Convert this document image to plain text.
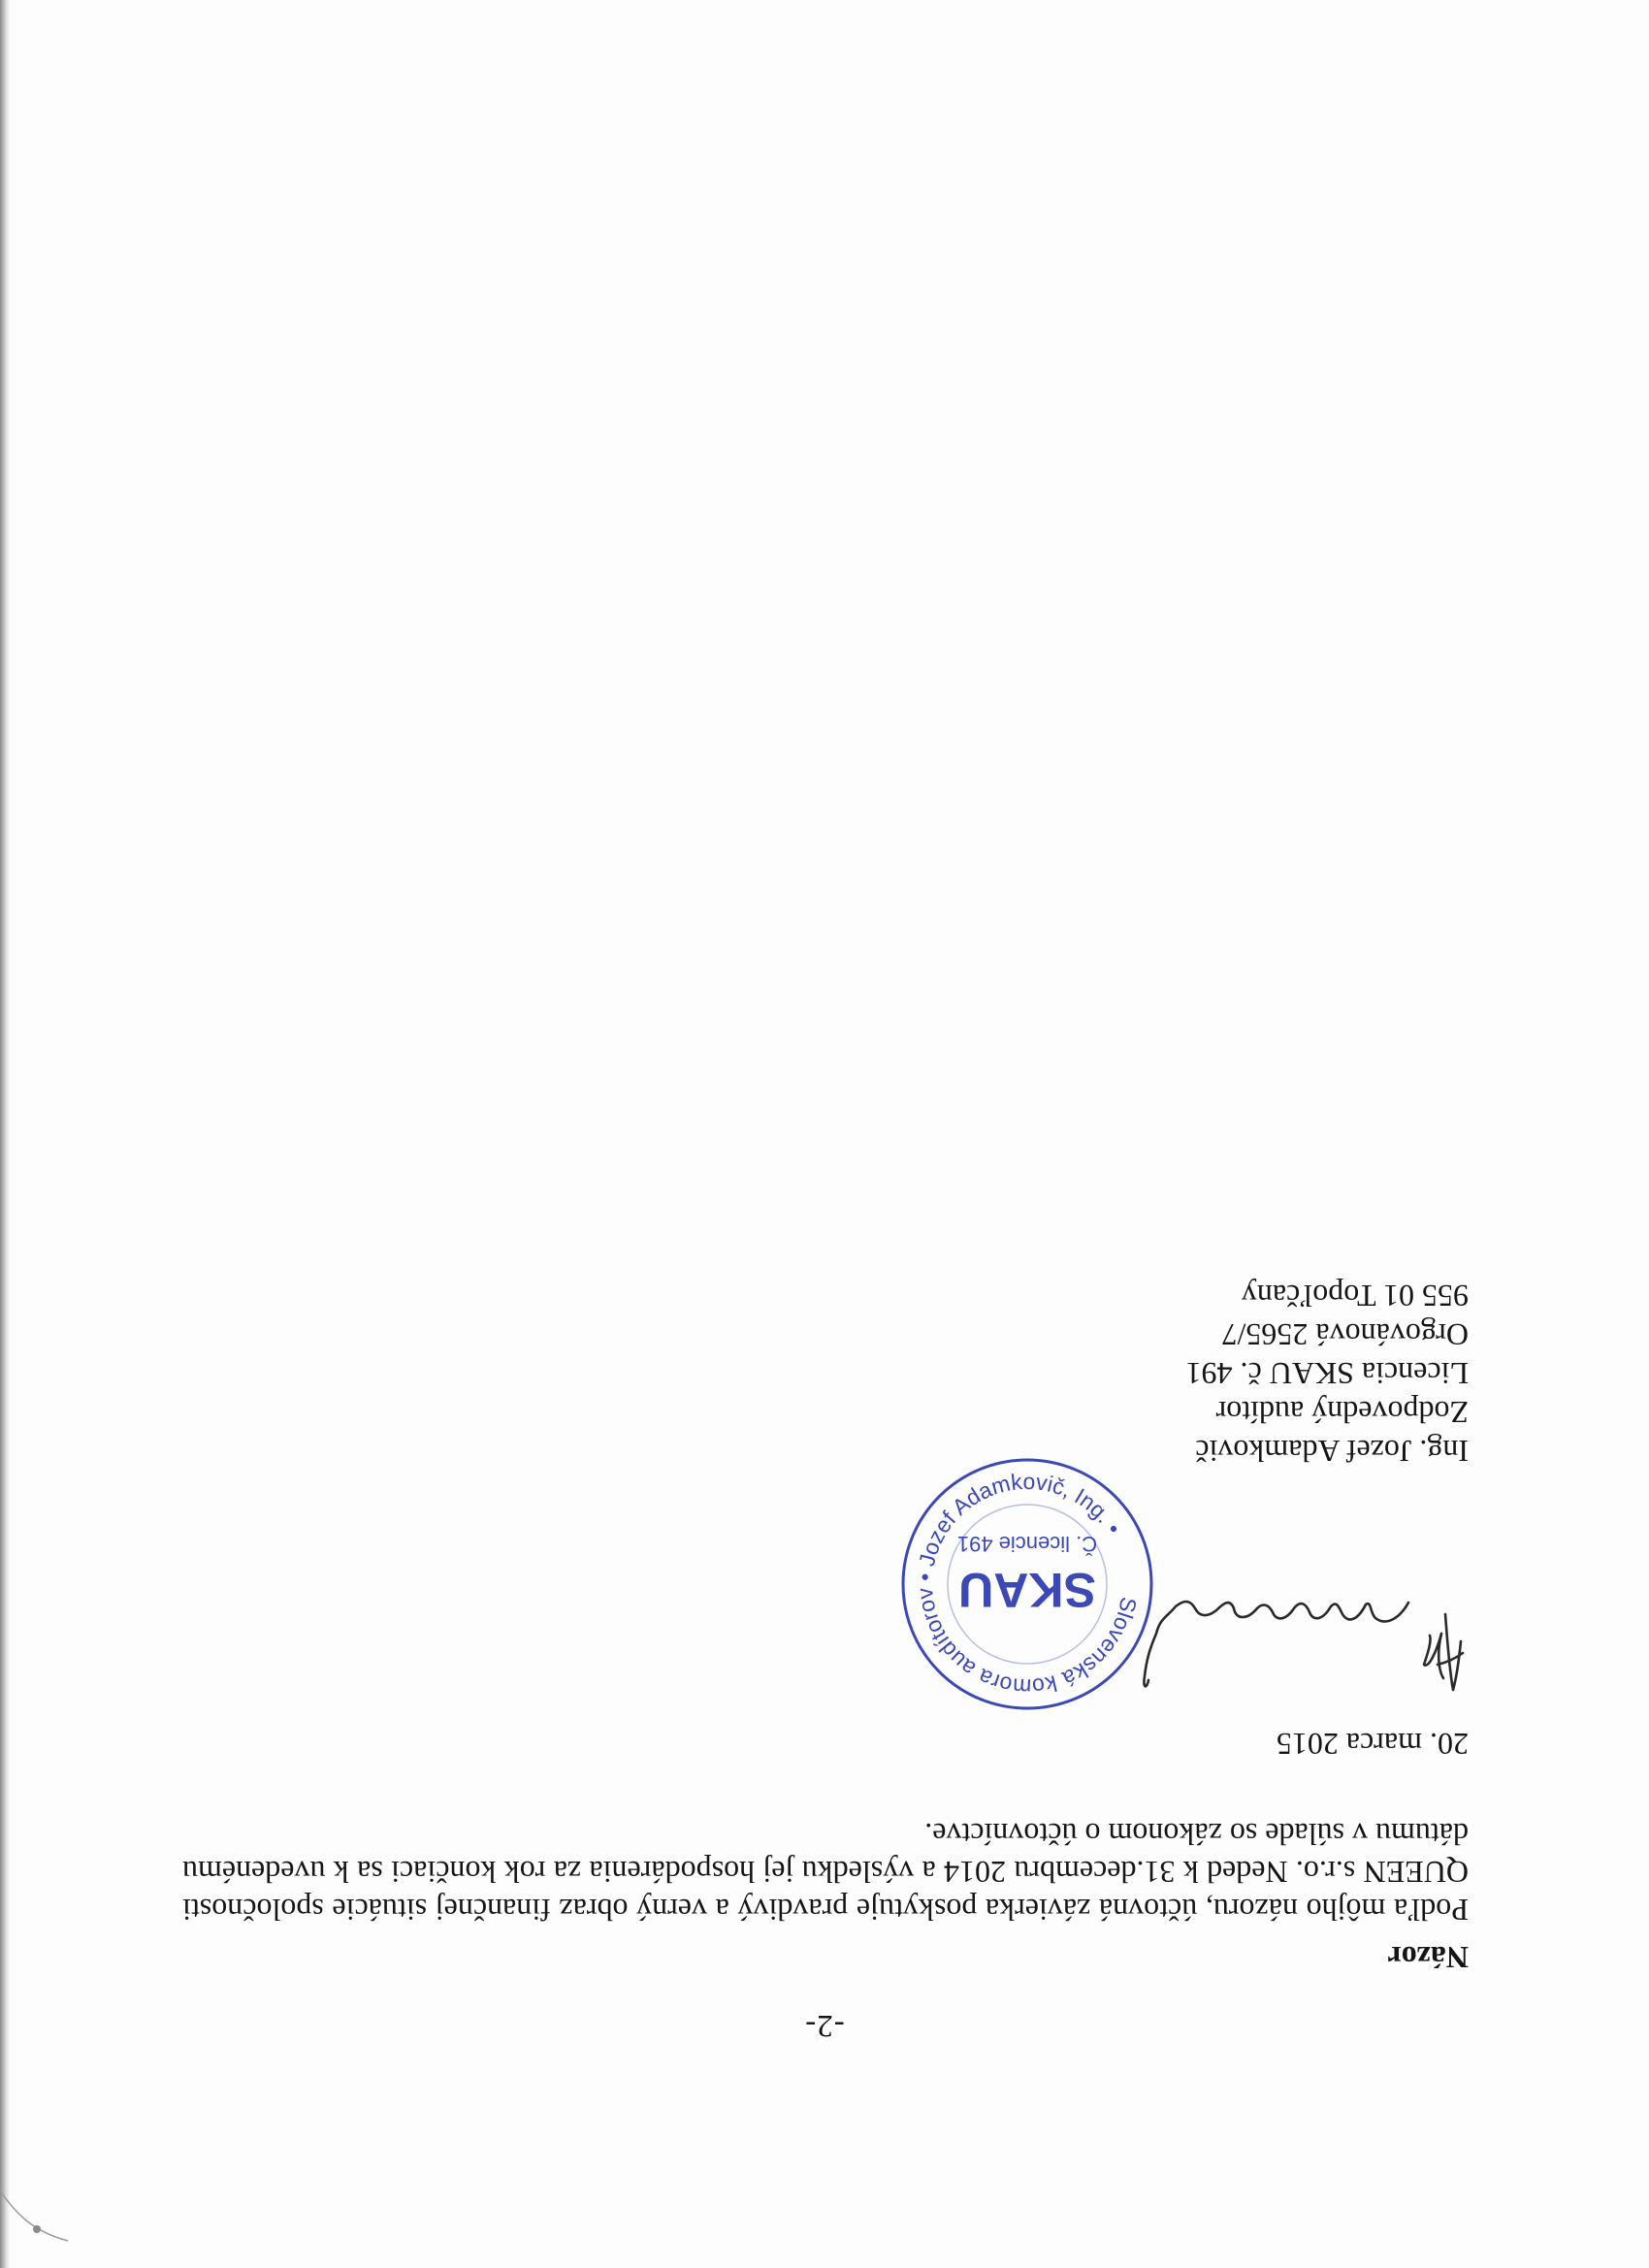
-2-
Názor
Podľa môjho názoru, účtovná závierka poskytuje pravdivý a verný obraz finančnej situácie spoločnosti QUEEN s.r.o. Neded k 31.decembru 2014 a výsledku jej hospodárenia za rok končiaci sa k uvedenému dátumu v súlade so zákonom o účtovníctve.
20. marca 2015
Slovenská komora audítorov • Jozef Adamkovič, Ing. •
SKAU
Č. licencie 491
Ing. Jozef Adamkovič
Zodpovedný audítor
Licencia SKAU č. 491
Orgovánová 2565/7
955 01 Topoľčany
